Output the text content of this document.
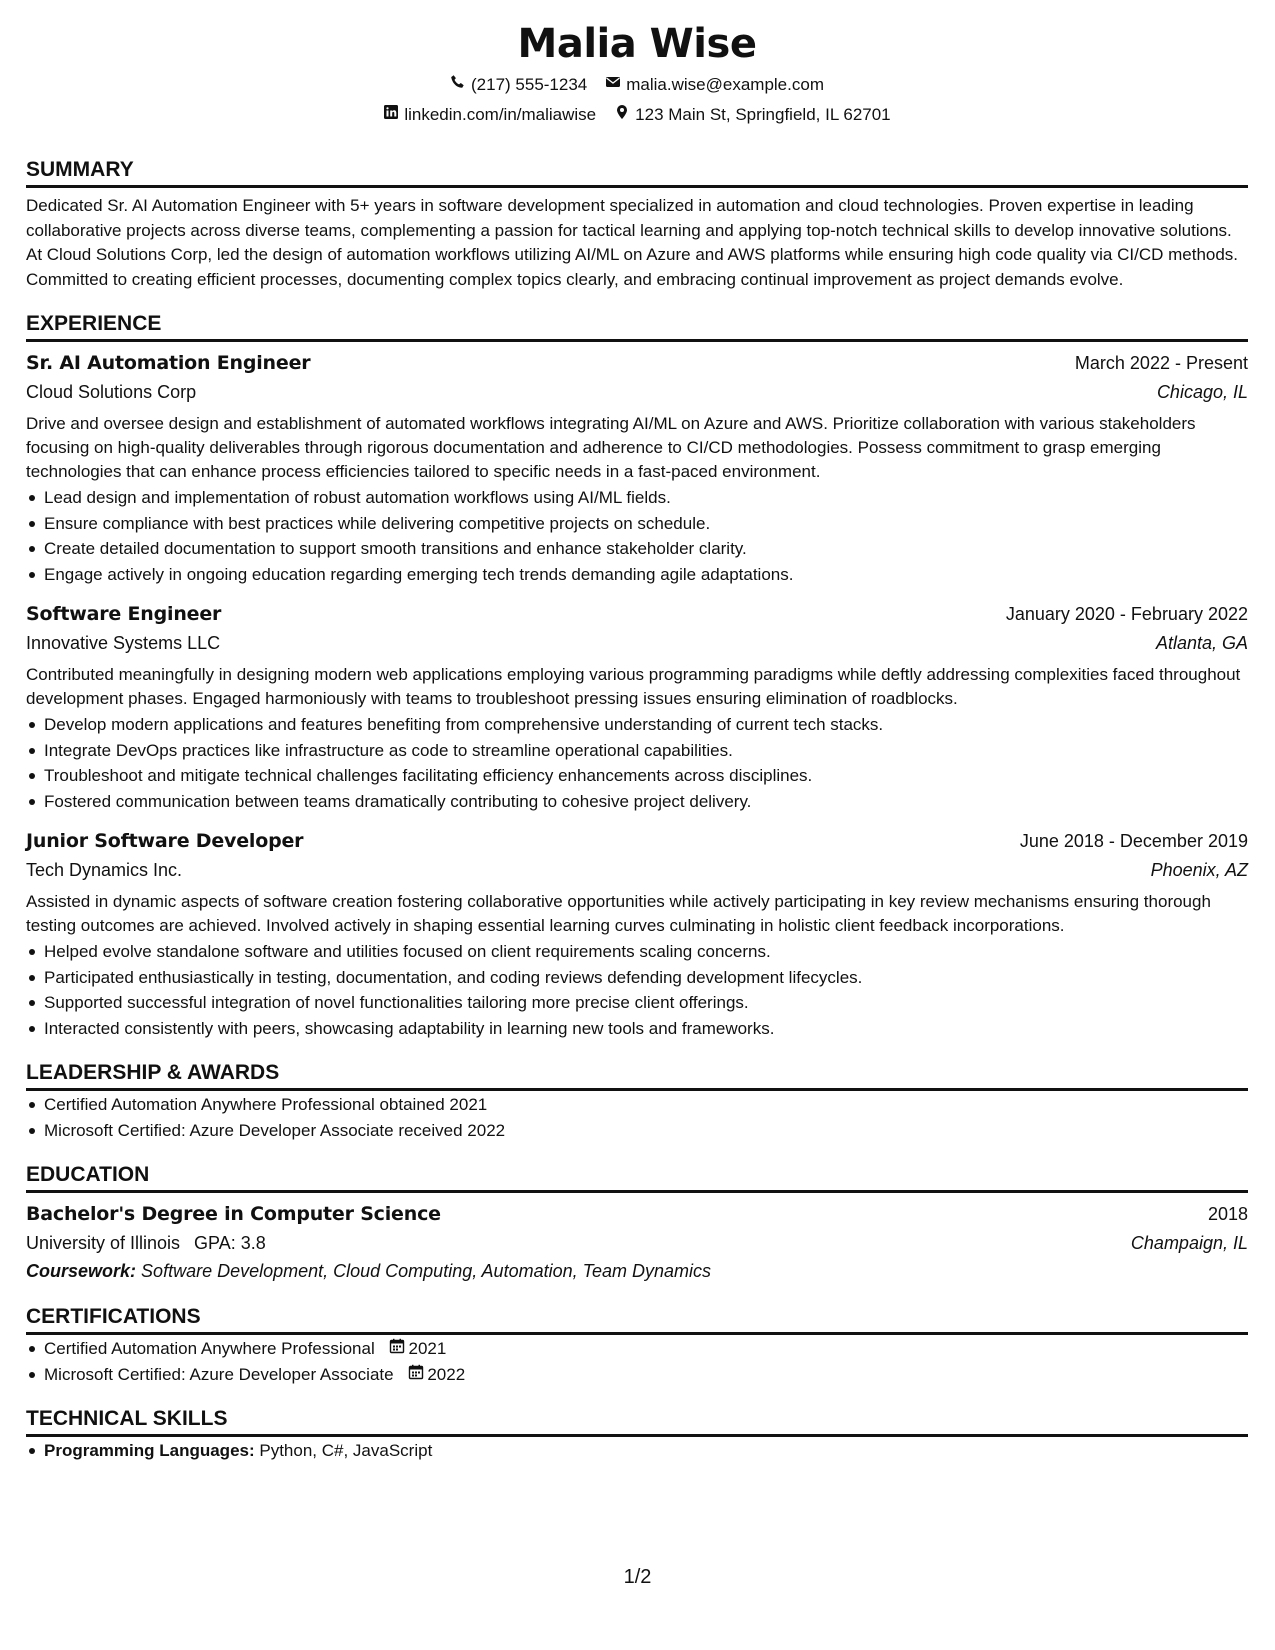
Malia Wise
(217) 555-1234 malia.wise@example.com
linkedin.com/in/maliawise 123 Main St, Springfield, IL 62701
SUMMARY

Dedicated Sr. AI Automation Engineer with 5+ years in software development specialized in automation and cloud technologies. Proven expertise in leading collaborative projects across diverse teams, complementing a passion for tactical learning and applying top-notch technical skills to develop innovative solutions. At Cloud Solutions Corp, led the design of automation workflows utilizing AI/ML on Azure and AWS platforms while ensuring high code quality via CI/CD methods. Committed to creating efficient processes, documenting complex topics clearly, and embracing continual improvement as project demands evolve.

EXPERIENCE
Sr. AI Automation Engineer	March 2022 - Present
Cloud Solutions Corp	Chicago, IL

Drive and oversee design and establishment of automated workflows integrating AI/ML on Azure and AWS. Prioritize collaboration with various stakeholders focusing on high-quality deliverables through rigorous documentation and adherence to CI/CD methodologies. Possess commitment to grasp emerging technologies that can enhance process efficiencies tailored to specific needs in a fast-paced environment.

Lead design and implementation of robust automation workflows using AI/ML fields.
Ensure compliance with best practices while delivering competitive projects on schedule.
Create detailed documentation to support smooth transitions and enhance stakeholder clarity.
Engage actively in ongoing education regarding emerging tech trends demanding agile adaptations.
Software Engineer	January 2020 - February 2022
Innovative Systems LLC	Atlanta, GA

Contributed meaningfully in designing modern web applications employing various programming paradigms while deftly addressing complexities faced throughout development phases. Engaged harmoniously with teams to troubleshoot pressing issues ensuring elimination of roadblocks.

Develop modern applications and features benefiting from comprehensive understanding of current tech stacks.
Integrate DevOps practices like infrastructure as code to streamline operational capabilities.
Troubleshoot and mitigate technical challenges facilitating efficiency enhancements across disciplines.
Fostered communication between teams dramatically contributing to cohesive project delivery.
Junior Software Developer	June 2018 - December 2019
Tech Dynamics Inc.	Phoenix, AZ

Assisted in dynamic aspects of software creation fostering collaborative opportunities while actively participating in key review mechanisms ensuring thorough testing outcomes are achieved. Involved actively in shaping essential learning curves culminating in holistic client feedback incorporations.

Helped evolve standalone software and utilities focused on client requirements scaling concerns.
Participated enthusiastically in testing, documentation, and coding reviews defending development lifecycles.
Supported successful integration of novel functionalities tailoring more precise client offerings.
Interacted consistently with peers, showcasing adaptability in learning new tools and frameworks.
LEADERSHIP & AWARDS
Certified Automation Anywhere Professional obtained 2021
Microsoft Certified: Azure Developer Associate received 2022
EDUCATION
Bachelor's Degree in Computer Science	2018
University of Illinois GPA: 3.8	Champaign, IL
Coursework: Software Development, Cloud Computing, Automation, Team Dynamics
CERTIFICATIONS
Certified Automation Anywhere Professional 2021
Microsoft Certified: Azure Developer Associate 2022
TECHNICAL SKILLS
Programming Languages: Python, C#, JavaScript
1/2
